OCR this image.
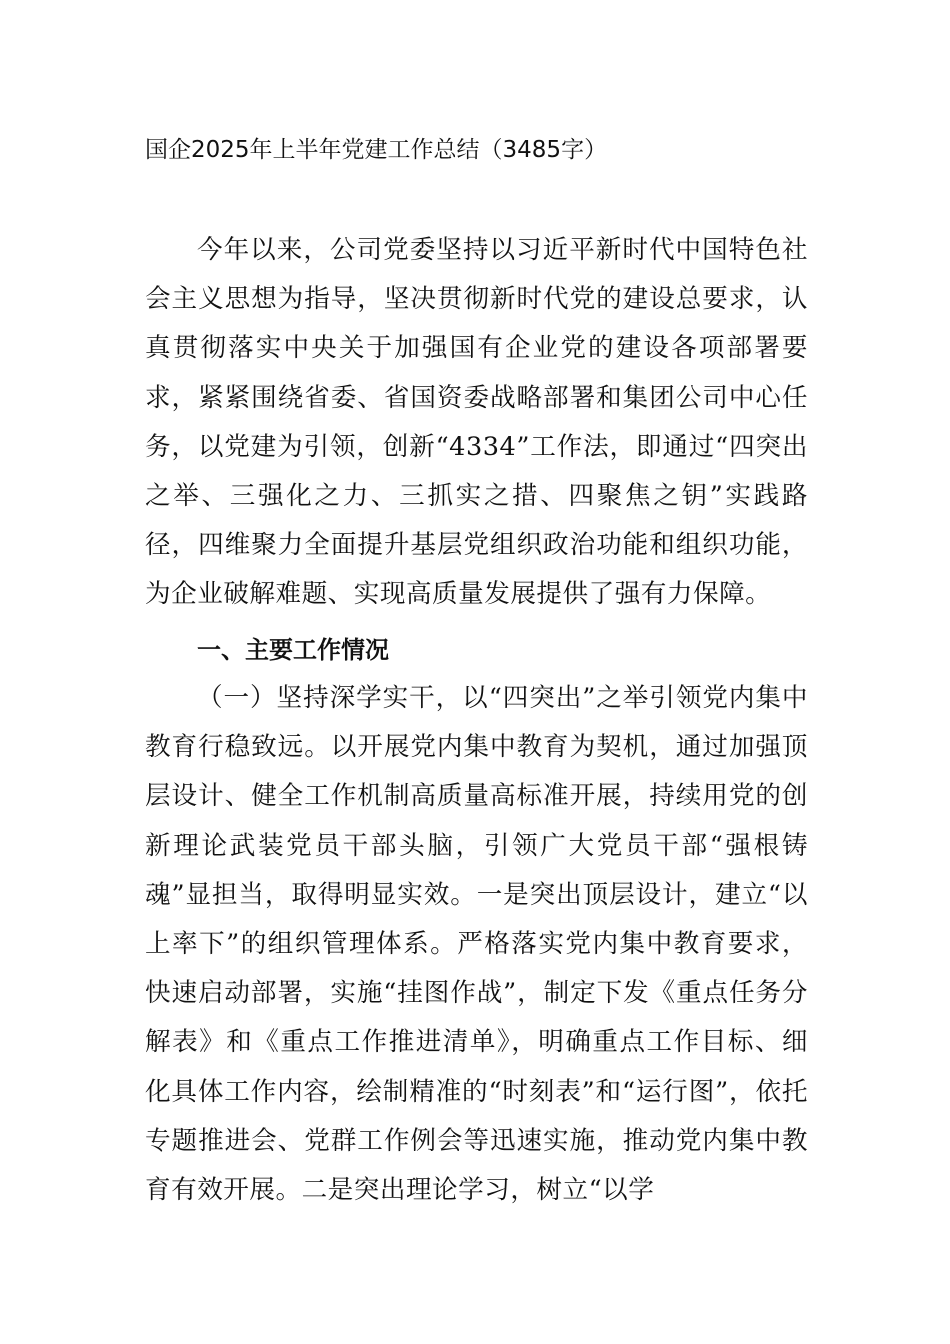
国企2025年上半年党建工作总结（3485字）

今年以来，公司党委坚持以习近平新时代中国特色社会主义思想为指导，坚决贯彻新时代党的建设总要求，认真贯彻落实中央关于加强国有企业党的建设各项部署要求，紧紧围绕省委、省国资委战略部署和集团公司中心任务，以党建为引领，创新“4334”工作法，即通过“四突出之举、三强化之力、三抓实之措、四聚焦之钥”实践路径，四维聚力全面提升基层党组织政治功能和组织功能，为企业破解难题、实现高质量发展提供了强有力保障。

一、主要工作情况

（一）坚持深学实干，以“四突出”之举引领党内集中教育行稳致远。以开展党内集中教育为契机，通过加强顶层设计、健全工作机制高质量高标准开展，持续用党的创新理论武装党员干部头脑，引领广大党员干部“强根铸魂”显担当，取得明显实效。一是突出顶层设计，建立“以上率下”的组织管理体系。严格落实党内集中教育要求，快速启动部署，实施“挂图作战”，制定下发《重点任务分解表》和《重点工作推进清单》，明确重点工作目标、细化具体工作内容，绘制精准的“时刻表”和“运行图”，依托专题推进会、党群工作例会等迅速实施，推动党内集中教育有效开展。二是突出理论学习，树立“以学
